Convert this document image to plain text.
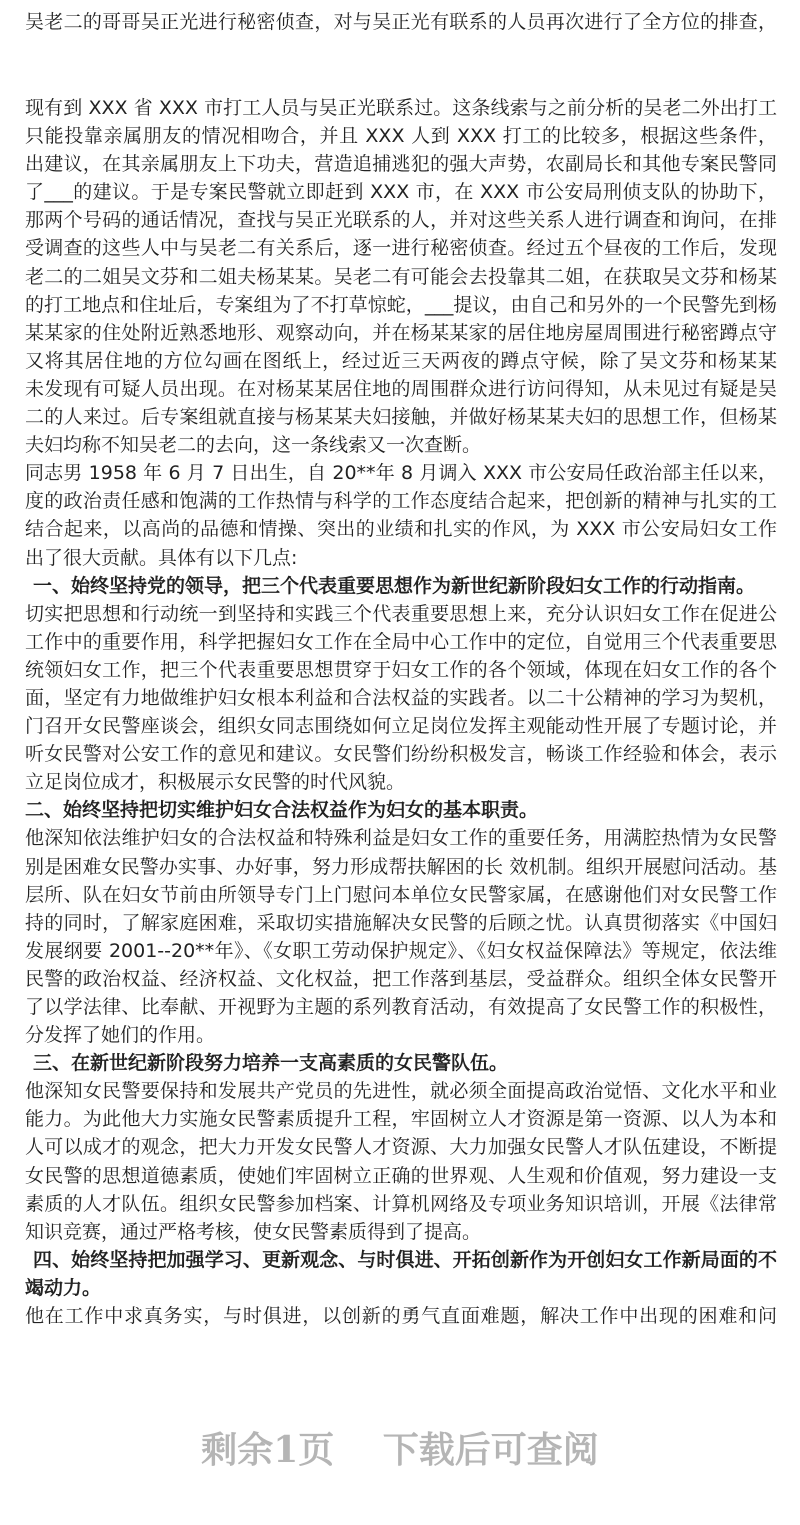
吴老二的哥哥吴正光进行秘密侦查，对与吴正光有联系的人员再次进行了全方位的排查，
现有到 XXX 省 XXX 市打工人员与吴正光联系过。这条线索与之前分析的吴老二外出打工
只能投靠亲属朋友的情况相吻合，并且 XXX 人到 XXX 打工的比较多，根据这些条件，
出建议，在其亲属朋友上下功夫，营造追捕逃犯的强大声势，农副局长和其他专案民警同
了___的建议。于是专案民警就立即赶到 XXX 市，在 XXX 市公安局刑侦支队的协助下，
那两个号码的通话情况，查找与吴正光联系的人，并对这些关系人进行调查和询问，在排
受调查的这些人中与吴老二有关系后，逐一进行秘密侦查。经过五个昼夜的工作后，发现
老二的二姐吴文芬和二姐夫杨某某。吴老二有可能会去投靠其二姐，在获取吴文芬和杨某
的打工地点和住址后，专案组为了不打草惊蛇，___提议，由自己和另外的一个民警先到杨
某某家的住处附近熟悉地形、观察动向，并在杨某某家的居住地房屋周围进行秘密蹲点守
又将其居住地的方位勾画在图纸上，经过近三天两夜的蹲点守候，除了吴文芬和杨某某
未发现有可疑人员出现。在对杨某某居住地的周围群众进行访问得知，从未见过有疑是吴
二的人来过。后专案组就直接与杨某某夫妇接触，并做好杨某某夫妇的思想工作，但杨某
夫妇均称不知吴老二的去向，这一条线索又一次查断。
同志男 1958 年 6 月 7 日出生，自 20**年 8 月调入 XXX 市公安局任政治部主任以来，
度的政治责任感和饱满的工作热情与科学的工作态度结合起来，把创新的精神与扎实的工
结合起来，以高尚的品德和情操、突出的业绩和扎实的作风，为 XXX 市公安局妇女工作
出了很大贡献。具体有以下几点:
一、始终坚持党的领导，把三个代表重要思想作为新世纪新阶段妇女工作的行动指南。
切实把思想和行动统一到坚持和实践三个代表重要思想上来，充分认识妇女工作在促进公
工作中的重要作用，科学把握妇女工作在全局中心工作中的定位，自觉用三个代表重要思
统领妇女工作，把三个代表重要思想贯穿于妇女工作的各个领域，体现在妇女工作的各个
面，坚定有力地做维护妇女根本利益和合法权益的实践者。以二十公精神的学习为契机，
门召开女民警座谈会，组织女同志围绕如何立足岗位发挥主观能动性开展了专题讨论，并
听女民警对公安工作的意见和建议。女民警们纷纷积极发言，畅谈工作经验和体会，表示
立足岗位成才，积极展示女民警的时代风貌。
二、始终坚持把切实维护妇女合法权益作为妇女的基本职责。
他深知依法维护妇女的合法权益和特殊利益是妇女工作的重要任务，用满腔热情为女民警
别是困难女民警办实事、办好事，努力形成帮扶解困的长 效机制。组织开展慰问活动。基
层所、队在妇女节前由所领导专门上门慰问本单位女民警家属，在感谢他们对女民警工作
持的同时，了解家庭困难，采取切实措施解决女民警的后顾之忧。认真贯彻落实《中国妇
发展纲要 2001--20**年》、《女职工劳动保护规定》、《妇女权益保障法》等规定，依法维
民警的政治权益、经济权益、文化权益，把工作落到基层，受益群众。组织全体女民警开
了以学法律、比奉献、开视野为主题的系列教育活动，有效提高了女民警工作的积极性，
分发挥了她们的作用。
三、在新世纪新阶段努力培养一支高素质的女民警队伍。
他深知女民警要保持和发展共产党员的先进性，就必须全面提高政治觉悟、文化水平和业
能力。为此他大力实施女民警素质提升工程，牢固树立人才资源是第一资源、以人为本和
人可以成才的观念，把大力开发女民警人才资源、大力加强女民警人才队伍建设，不断提
女民警的思想道德素质，使她们牢固树立正确的世界观、人生观和价值观，努力建设一支
素质的人才队伍。组织女民警参加档案、计算机网络及专项业务知识培训，开展《法律常
知识竞赛，通过严格考核，使女民警素质得到了提高。
四、始终坚持把加强学习、更新观念、与时俱进、开拓创新作为开创妇女工作新局面的不
竭动力。
他在工作中求真务实，与时俱进，以创新的勇气直面难题，解决工作中出现的困难和问
剩余1页 下载后可查阅
